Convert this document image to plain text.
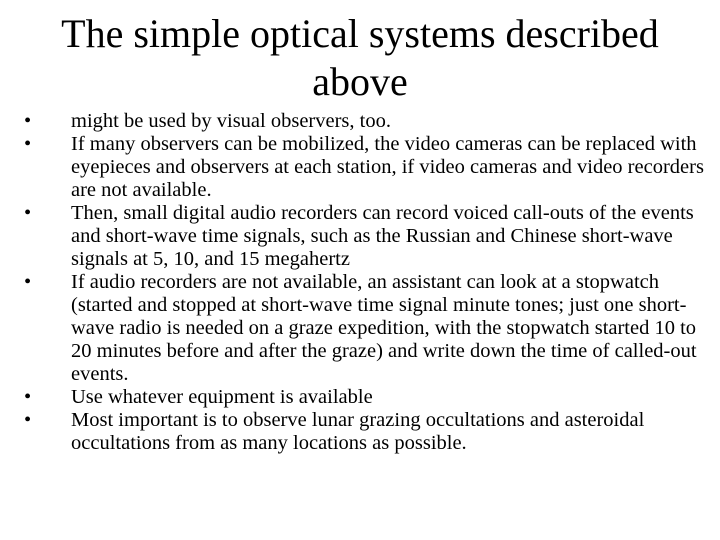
The simple optical systems described above
•	might be used by visual observers, too.
•	If many observers can be mobilized, the video cameras can be replaced with eyepieces and observers at each station, if video cameras and video recorders are not available.
•	Then, small digital audio recorders can record voiced call-outs of the events and short-wave time signals, such as the Russian and Chinese short-wave signals at 5, 10, and 15 megahertz
•	If audio recorders are not available, an assistant can look at a stopwatch (started and stopped at short-wave time signal minute tones; just one short-wave radio is needed on a graze expedition, with the stopwatch started 10 to 20 minutes before and after the graze) and write down the time of called-out events.
•	Use whatever equipment is available
•	Most important is to observe lunar grazing occultations and asteroidal occultations from as many locations as possible.
